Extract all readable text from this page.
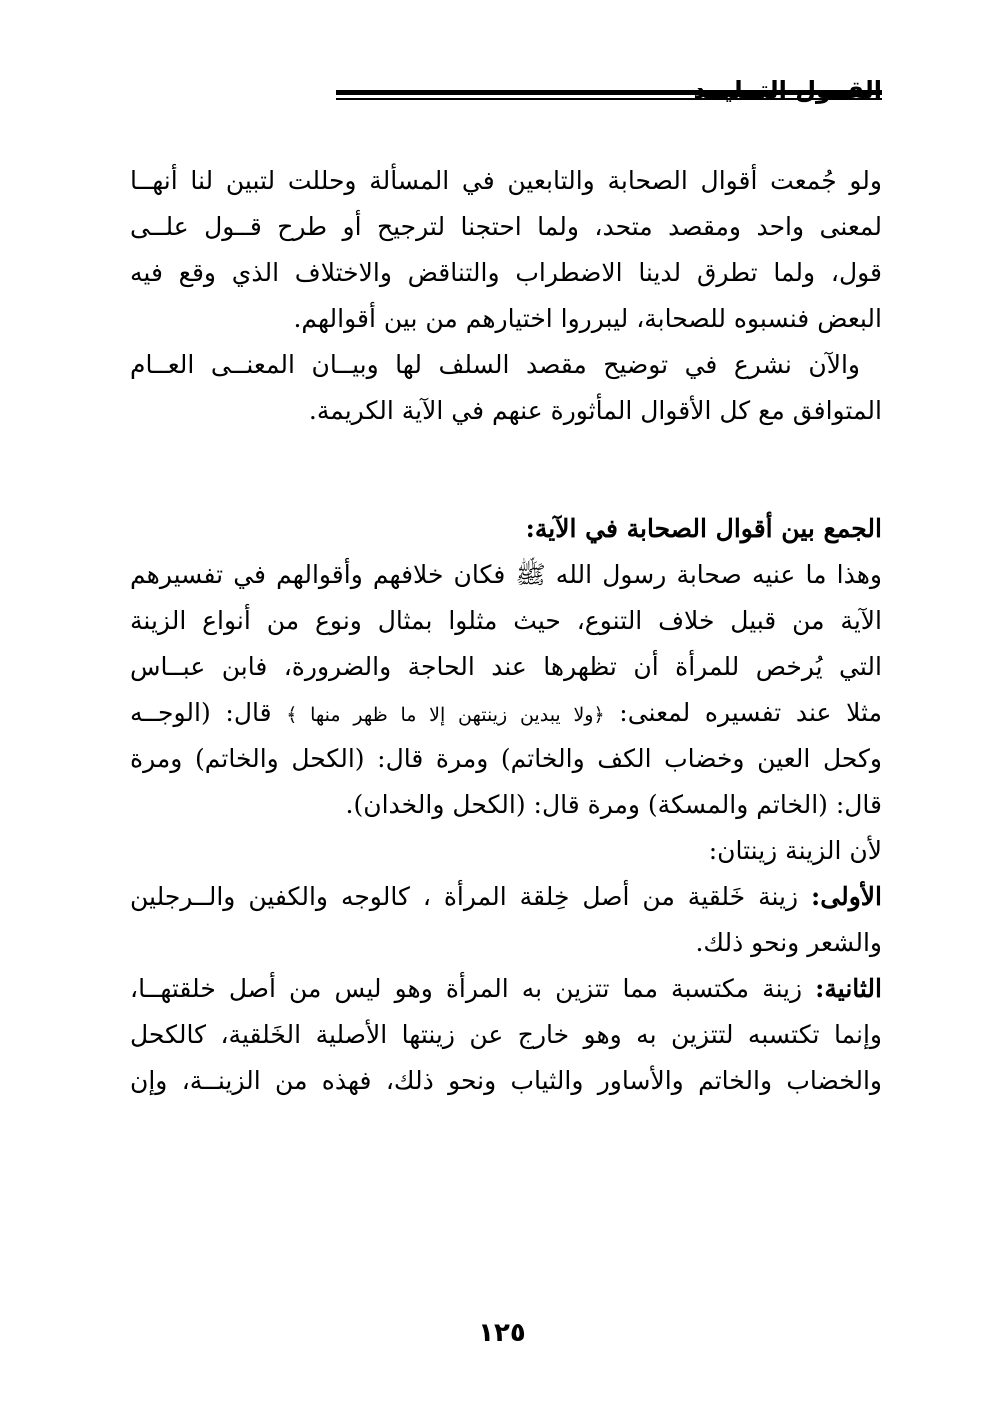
ولو جُمعت أقوال الصحابة والتابعين في المسألة وحللت لتبين لنا أنهــا
لمعنى واحد ومقصد متحد، ولما احتجنا لترجيح أو طرح قــول علــى
قول، ولما تطرق لدينا الاضطراب والتناقض والاختلاف الذي وقع فيه
البعض فنسبوه للصحابة، ليبرروا اختيارهم من بين أقوالهم.
والآن نشرع في توضيح مقصد السلف لها وبيــان المعنــى العــام
المتوافق مع كل الأقوال المأثورة عنهم في الآية الكريمة.
الجمع بين أقوال الصحابة في الآية:
وهذا ما عنيه صحابة رسول الله ﷺ فكان خلافهم وأقوالهم في تفسيرهم
الآية من قبيل خلاف التنوع، حيث مثلوا بمثال ونوع من أنواع الزينة
التي يُرخص للمرأة أن تظهرها عند الحاجة والضرورة، فابن عبــاس
مثلا عند تفسيره لمعنى: ﴿ولا يبدين زينتهن إلا ما ظهر منها ﴾ قال: (الوجــه
وكحل العين وخضاب الكف والخاتم) ومرة قال: (الكحل والخاتم) ومرة
قال: (الخاتم والمسكة) ومرة قال: (الكحل والخدان).
لأن الزينة زينتان:
الأولى: زينة خَلقية من أصل خِلقة المرأة ، كالوجه والكفين والــرجلين
والشعر ونحو ذلك.
الثانية: زينة مكتسبة مما تتزين به المرأة وهو ليس من أصل خلقتهــا،
وإنما تكتسبه لتتزين به وهو خارج عن زينتها الأصلية الخَلقية، كالكحل
والخضاب والخاتم والأساور والثياب ونحو ذلك، فهذه من الزينــة، وإن
١٢٥
